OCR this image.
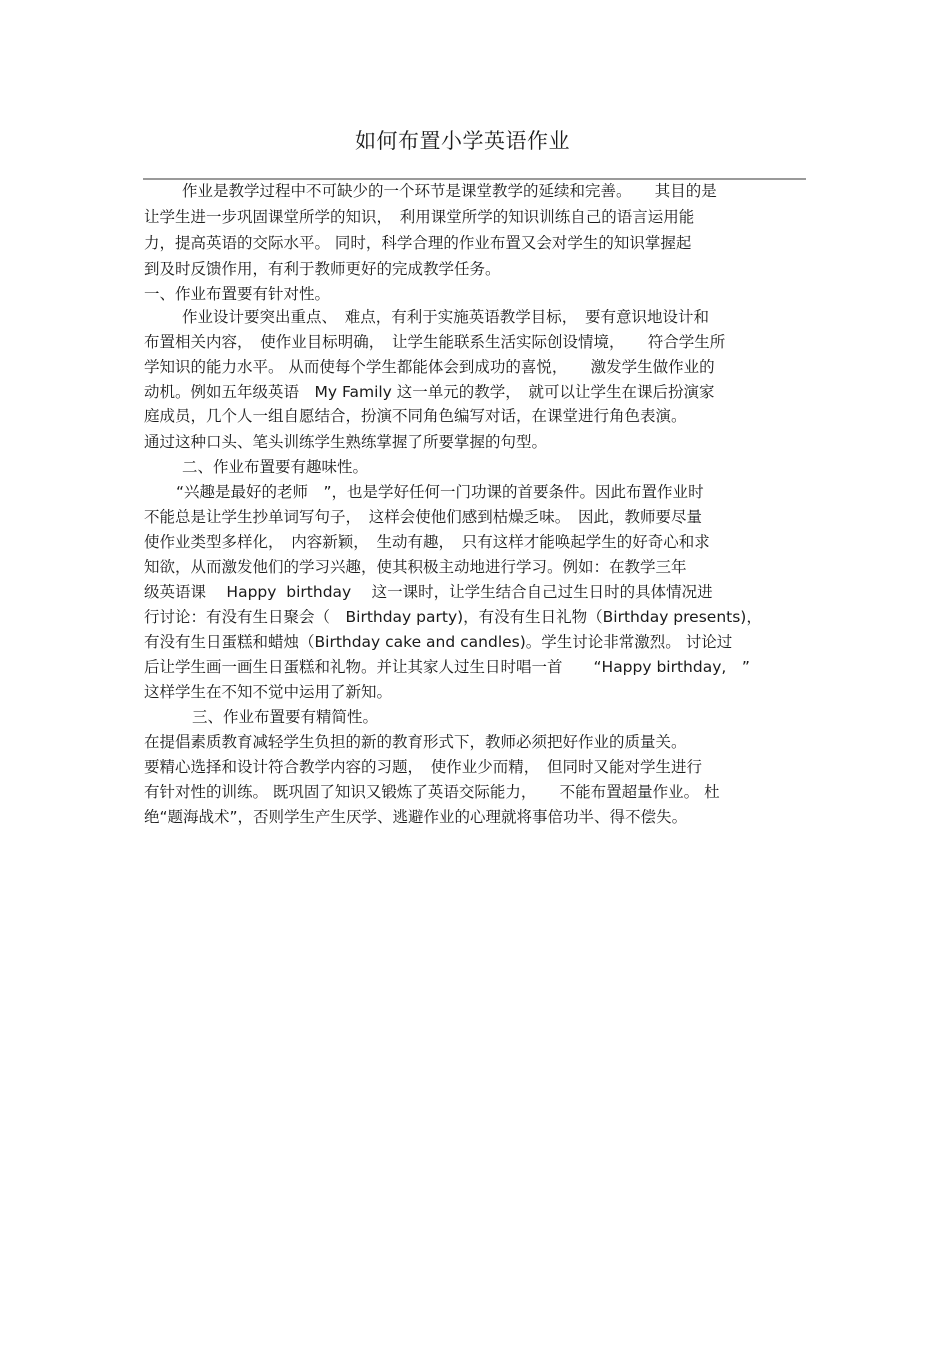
如何布置小学英语作业
作业是教学过程中不可缺少的一个环节是课堂教学的延续和完善。　　其目的是
让学生进一步巩固课堂所学的知识，　利用课堂所学的知识训练自己的语言运用能
力，提高英语的交际水平。 同时，科学合理的作业布置又会对学生的知识掌握起
到及时反馈作用，有利于教师更好的完成教学任务。
一、作业布置要有针对性。
作业设计要突出重点、　难点，有利于实施英语教学目标，　要有意识地设计和
布置相关内容，　使作业目标明确，　让学生能联系生活实际创设情境，　　符合学生所
学知识的能力水平。 从而使每个学生都能体会到成功的喜悦，　　激发学生做作业的
动机。例如五年级英语　My Family 这一单元的教学，　就可以让学生在课后扮演家
庭成员，几个人一组自愿结合，扮演不同角色编写对话，在课堂进行角色表演。
通过这种口头、笔头训练学生熟练掌握了所要掌握的句型。
二、作业布置要有趣味性。
“兴趣是最好的老师　”，也是学好任何一门功课的首要条件。因此布置作业时
不能总是让学生抄单词写句子，　这样会使他们感到枯燥乏味。　因此，教师要尽量
使作业类型多样化，　内容新颖，　生动有趣，　只有这样才能唤起学生的好奇心和求
知欲，从而激发他们的学习兴趣，使其积极主动地进行学习。例如：在教学三年
级英语课　 Happy  birthday　 这一课时，让学生结合自己过生日时的具体情况进
行讨论：有没有生日聚会（　Birthday party)，有没有生日礼物（Birthday presents)，
有没有生日蛋糕和蜡烛（Birthday cake and candles)。学生讨论非常激烈。 讨论过
后让学生画一画生日蛋糕和礼物。并让其家人过生日时唱一首　　“Happy birthday,　”
这样学生在不知不觉中运用了新知。
三、作业布置要有精简性。
在提倡素质教育减轻学生负担的新的教育形式下，教师必须把好作业的质量关。
要精心选择和设计符合教学内容的习题，　使作业少而精，　但同时又能对学生进行
有针对性的训练。 既巩固了知识又锻炼了英语交际能力，　　不能布置超量作业。 杜
绝“题海战术”，否则学生产生厌学、逃避作业的心理就将事倍功半、得不偿失。
